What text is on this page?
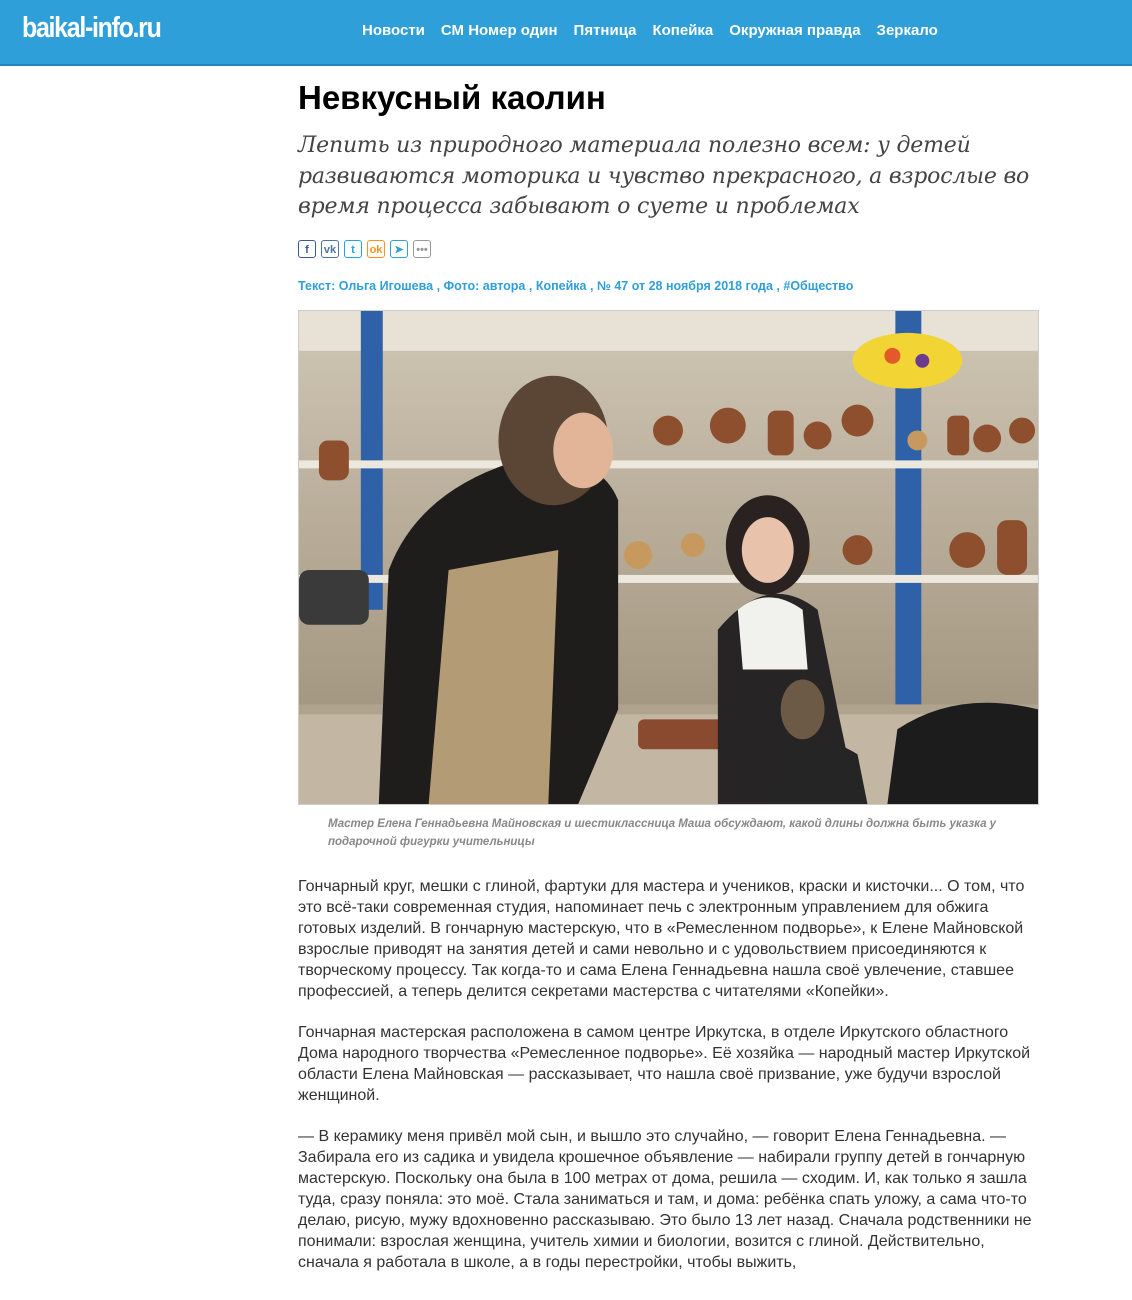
baikal-info.ru	Новости СМ Номер один Пятница Копейка Окружная правда Зеркало
Невкусный каолин

Лепить из природного материала полезно всем: у детей развиваются моторика и чувство прекрасного, а взрослые во время процесса забывают о суете и проблемах

f	vk	t	ok	➤	•••
Текст: Ольга Игошева , Фото: автора , Копейка , № 47 от 28 ноября 2018 года , #Общество
Мастер Елена Геннадьевна Майновская и шестиклассница Маша обсуждают, какой длины должна быть указка у подарочной фигурки учительницы

Гончарный круг, мешки с глиной, фартуки для мастера и учеников, краски и кисточки... О том, что это всё-таки современная студия, напоминает печь с электронным управлением для обжига готовых изделий. В гончарную мастерскую, что в «Ремесленном подворье», к Елене Майновской взрослые приводят на занятия детей и сами невольно и с удовольствием присоединяются к творческому процессу. Так когда-то и сама Елена Геннадьевна нашла своё увлечение, ставшее профессией, а теперь делится секретами мастерства с читателями «Копейки».

Гончарная мастерская расположена в самом центре Иркутска, в отделе Иркутского областного Дома народного творчества «Ремесленное подворье». Её хозяйка — народный мастер Иркутской области Елена Майновская — рассказывает, что нашла своё призвание, уже будучи взрослой женщиной.

— В керамику меня привёл мой сын, и вышло это случайно, — говорит Елена Геннадьевна. — Забирала его из садика и увидела крошечное объявление — набирали группу детей в гончарную мастерскую. Поскольку она была в 100 метрах от дома, решила — сходим. И, как только я зашла туда, сразу поняла: это моё. Стала заниматься и там, и дома: ребёнка спать уложу, а сама что-то делаю, рисую, мужу вдохновенно рассказываю. Это было 13 лет назад. Сначала родственники не понимали: взрослая женщина, учитель химии и биологии, возится с глиной. Действительно, сначала я работала в школе, а в годы перестройки, чтобы выжить,
